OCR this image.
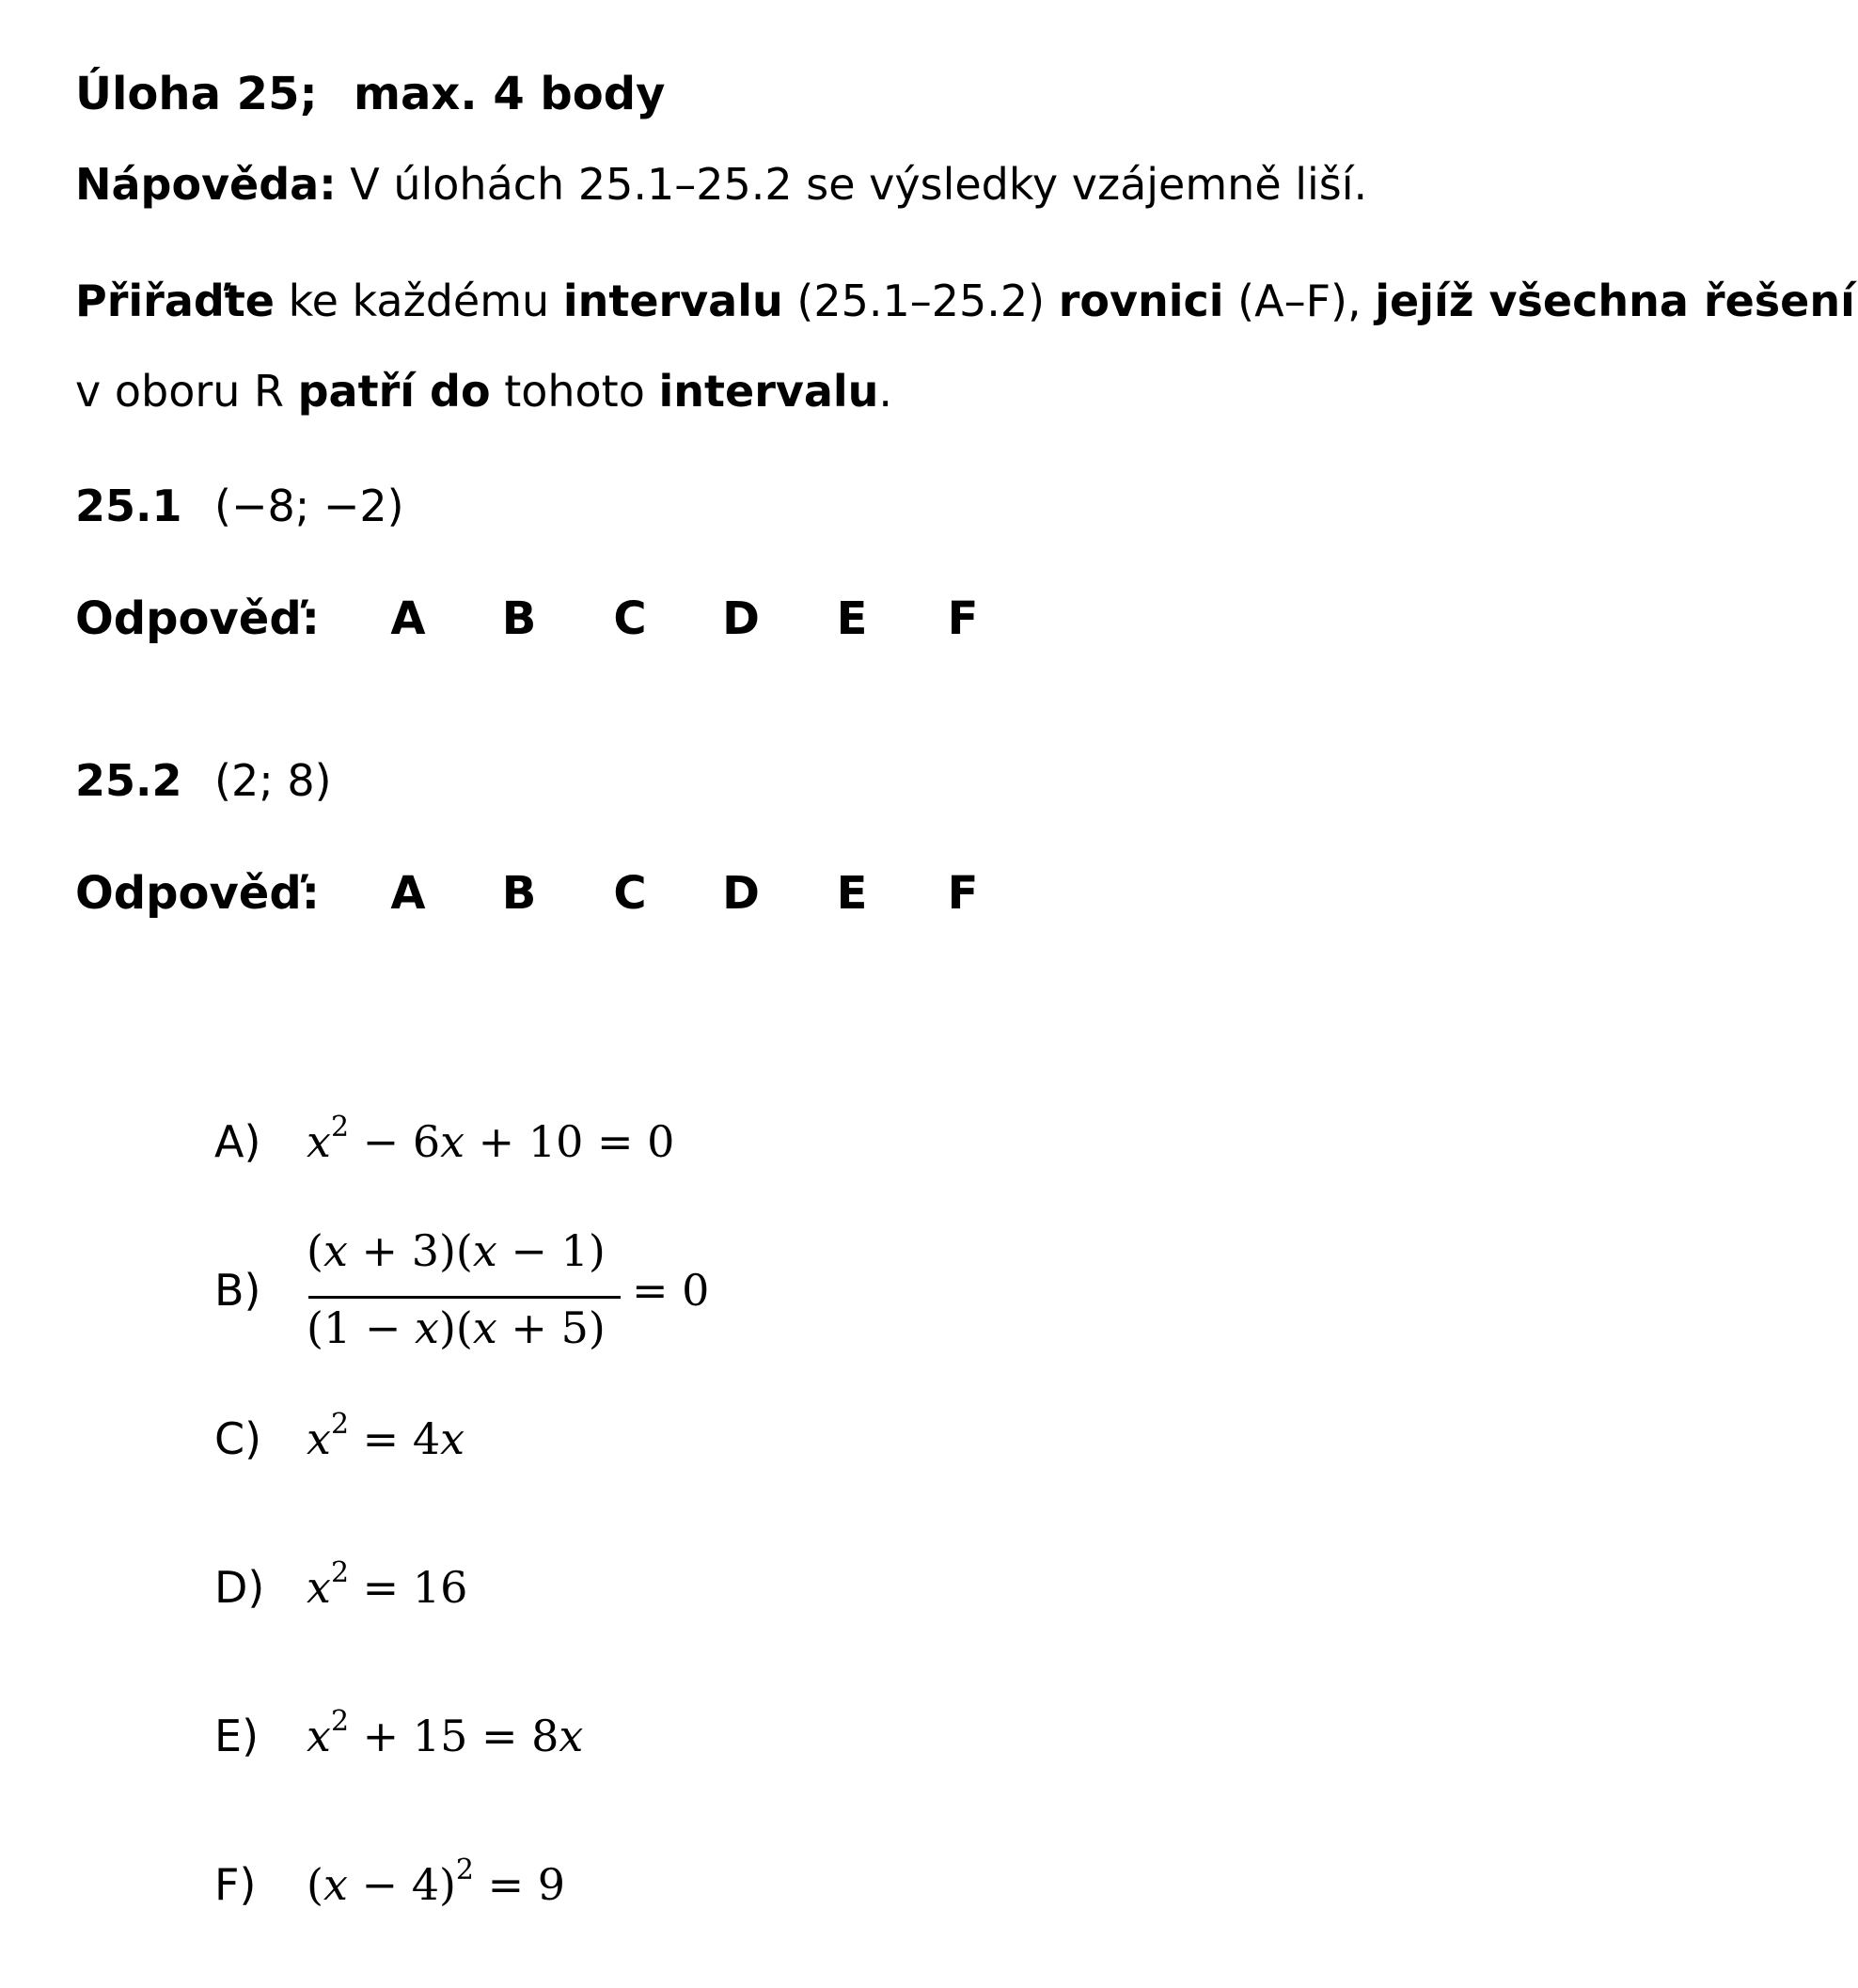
Úloha 25; max. 4 body
Nápověda: V úlohách 25.1–25.2 se výsledky vzájemně liší.
Přiřaďte ke každému intervalu (25.1–25.2) rovnici (A–F), jejíž všechna řešení
v oboru R patří do tohoto intervalu.
25.1 (−8; −2)
Odpověď: A B C D E F
25.2 (2; 8)
Odpověď: A B C D E F
A) $x^2 - 6x + 10 = 0$
B)
(x + 3)(x − 1)
(1 − x)(x + 5)
= 0
C) $x^2 = 4x$
D) $x^2 = 16$
E) $x^2 + 15 = 8x$
F) $(x - 4)^2 = 9$
